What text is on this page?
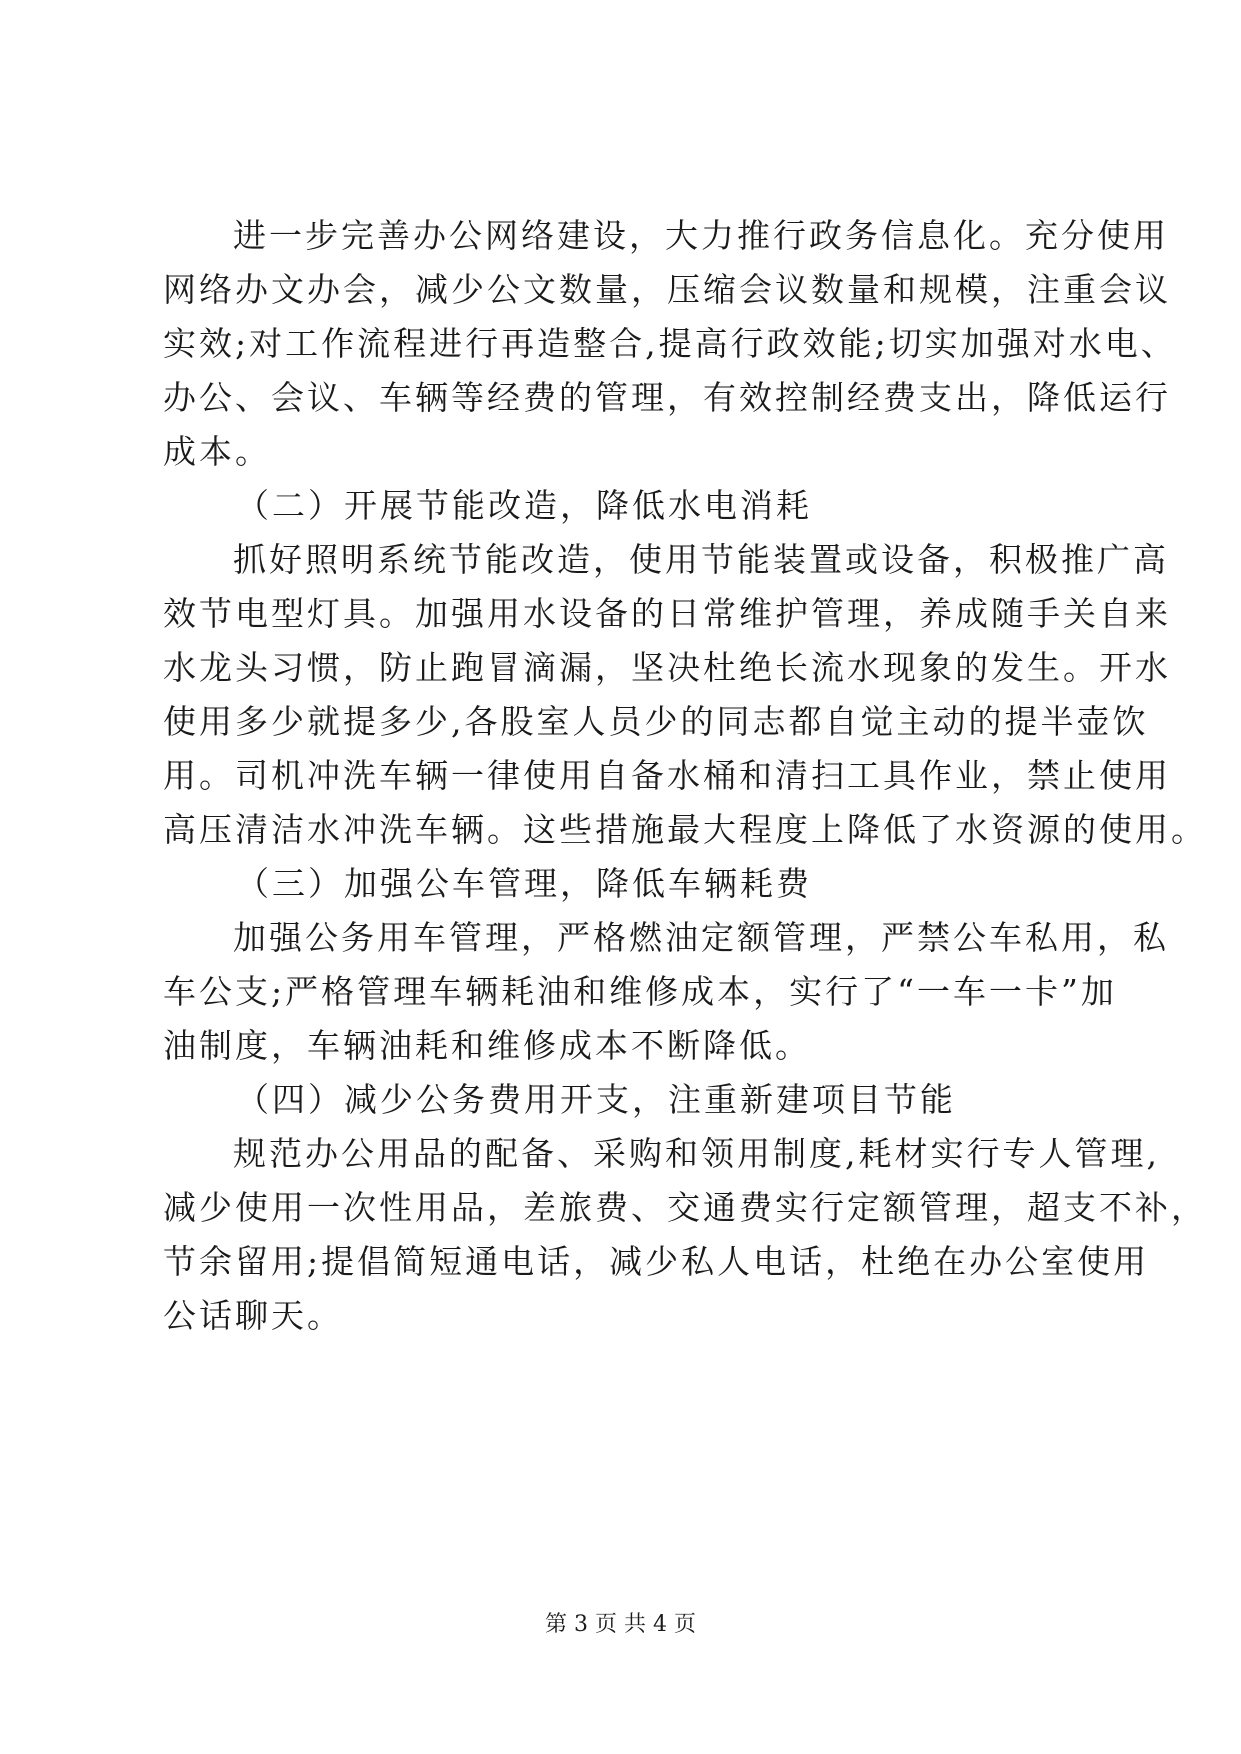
进一步完善办公网络建设，大力推行政务信息化。充分使用
网络办文办会，减少公文数量，压缩会议数量和规模，注重会议
实效;对工作流程进行再造整合,提高行政效能;切实加强对水电、
办公、会议、车辆等经费的管理，有效控制经费支出，降低运行
成本。
（二）开展节能改造，降低水电消耗
抓好照明系统节能改造，使用节能装置或设备，积极推广高
效节电型灯具。加强用水设备的日常维护管理，养成随手关自来
水龙头习惯，防止跑冒滴漏，坚决杜绝长流水现象的发生。开水
使用多少就提多少,各股室人员少的同志都自觉主动的提半壶饮
用。司机冲洗车辆一律使用自备水桶和清扫工具作业，禁止使用
高压清洁水冲洗车辆。这些措施最大程度上降低了水资源的使用。
（三）加强公车管理，降低车辆耗费
加强公务用车管理，严格燃油定额管理，严禁公车私用，私
车公支;严格管理车辆耗油和维修成本，实行了“一车一卡”加
油制度，车辆油耗和维修成本不断降低。
（四）减少公务费用开支，注重新建项目节能
规范办公用品的配备、采购和领用制度,耗材实行专人管理,
减少使用一次性用品，差旅费、交通费实行定额管理，超支不补，
节余留用;提倡简短通电话，减少私人电话，杜绝在办公室使用
公话聊天。
第 3 页 共 4 页
